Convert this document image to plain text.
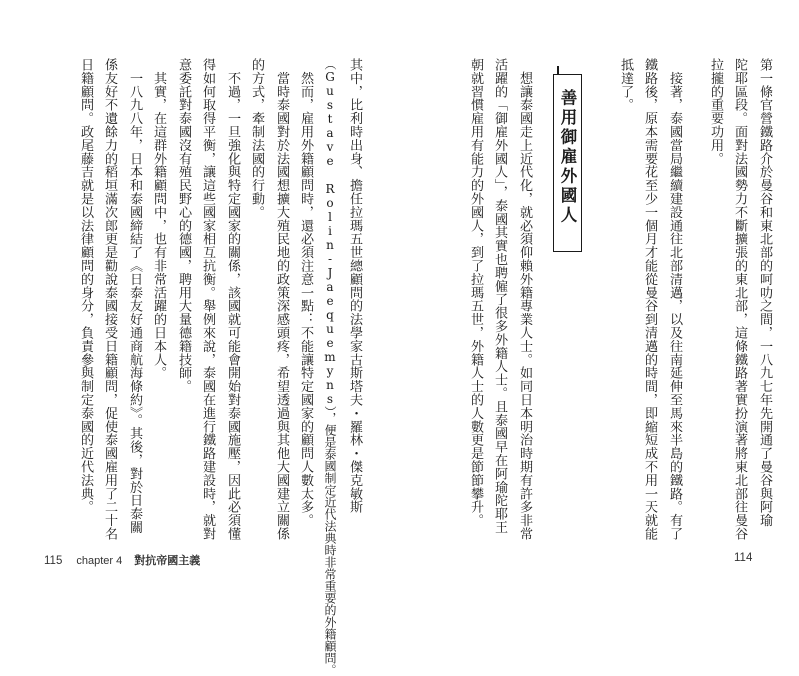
第一條官營鐵路介於曼谷和東北部的呵叻之間，一八九七年先開通了曼谷與阿瑜
陀耶區段。面對法國勢力不斷擴張的東北部，這條鐵路著實扮演著將東北部往曼谷
拉攏的重要功用。
　接著，泰國當局繼續建設通往北部清邁，以及往南延伸至馬來半島的鐵路。有了
鐵路後，原本需要花至少一個月才能從曼谷到清邁的時間，即縮短成不用一天就能
抵達了。
善用御雇外國人
　想讓泰國走上近代化，就必須仰賴外籍專業人士。如同日本明治時期有許多非常
活躍的「御雇外國人」，泰國其實也聘僱了很多外籍人士。且泰國早在阿瑜陀耶王
朝就習慣雇用有能力的外國人，到了拉瑪五世，外籍人士的人數更是節節攀升。
其中，比利時出身、擔任拉瑪五世總顧問的法學家古斯塔夫・羅林・傑克敏斯
（Gustave Rolin-Jaequemyns），便是泰國制定近代法典時非常重要的外籍顧問。
　然而，雇用外籍顧問時，還必須注意一點：不能讓特定國家的顧問人數太多。
　當時泰國對於法國想擴大殖民地的政策深感頭疼，希望透過與其他大國建立關係
的方式，牽制法國的行動。
　不過，一旦強化與特定國家的關係，該國就可能會開始對泰國施壓，因此必須懂
得如何取得平衡，讓這些國家相互抗衡。舉例來說，泰國在進行鐵路建設時，就對
意委託對泰國沒有殖民野心的德國，聘用大量德籍技師。
　其實，在這群外籍顧問中，也有非常活躍的日本人。
　一八九八年，日本和泰國締結了《日泰友好通商航海條約》。其後，對於日泰關
係友好不遺餘力的稻垣滿次郎更是勸說泰國接受日籍顧問，促使泰國雇用了二十名
日籍顧問。政尾藤吉就是以法律顧問的身分，負責參與制定泰國的近代法典。
115 chapter 4 對抗帝國主義	114
